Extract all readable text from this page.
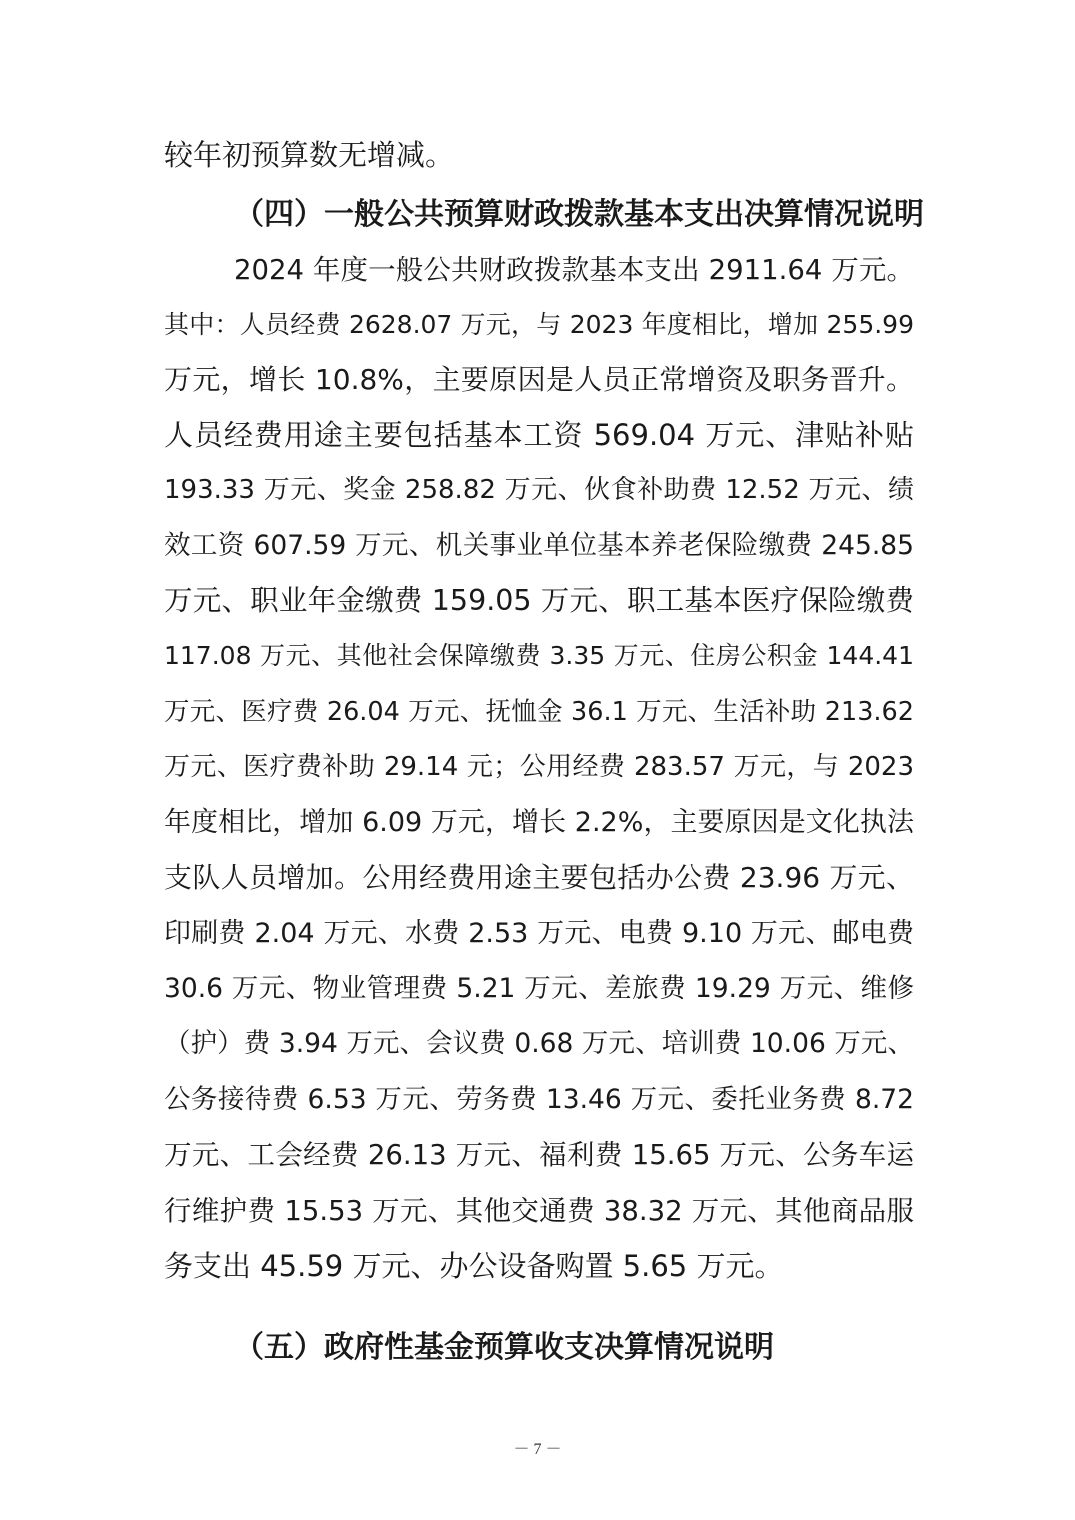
较年初预算数无增减。
（四）一般公共预算财政拨款基本支出决算情况说明
2024 年度一般公共财政拨款基本支出 2911.64 万元。
其中：人员经费 2628.07 万元，与 2023 年度相比，增加 255.99
万元，增长 10.8%，主要原因是人员正常增资及职务晋升。
人员经费用途主要包括基本工资 569.04 万元、津贴补贴
193.33 万元、奖金 258.82 万元、伙食补助费 12.52 万元、绩
效工资 607.59 万元、机关事业单位基本养老保险缴费 245.85
万元、职业年金缴费 159.05 万元、职工基本医疗保险缴费
117.08 万元、其他社会保障缴费 3.35 万元、住房公积金 144.41
万元、医疗费 26.04 万元、抚恤金 36.1 万元、生活补助 213.62
万元、医疗费补助 29.14 元；公用经费 283.57 万元，与 2023
年度相比，增加 6.09 万元，增长 2.2%，主要原因是文化执法
支队人员增加。公用经费用途主要包括办公费 23.96 万元、
印刷费 2.04 万元、水费 2.53 万元、电费 9.10 万元、邮电费
30.6 万元、物业管理费 5.21 万元、差旅费 19.29 万元、维修
（护）费 3.94 万元、会议费 0.68 万元、培训费 10.06 万元、
公务接待费 6.53 万元、劳务费 13.46 万元、委托业务费 8.72
万元、工会经费 26.13 万元、福利费 15.65 万元、公务车运
行维护费 15.53 万元、其他交通费 38.32 万元、其他商品服
务支出 45.59 万元、办公设备购置 5.65 万元。
（五）政府性基金预算收支决算情况说明
－ 7 －
